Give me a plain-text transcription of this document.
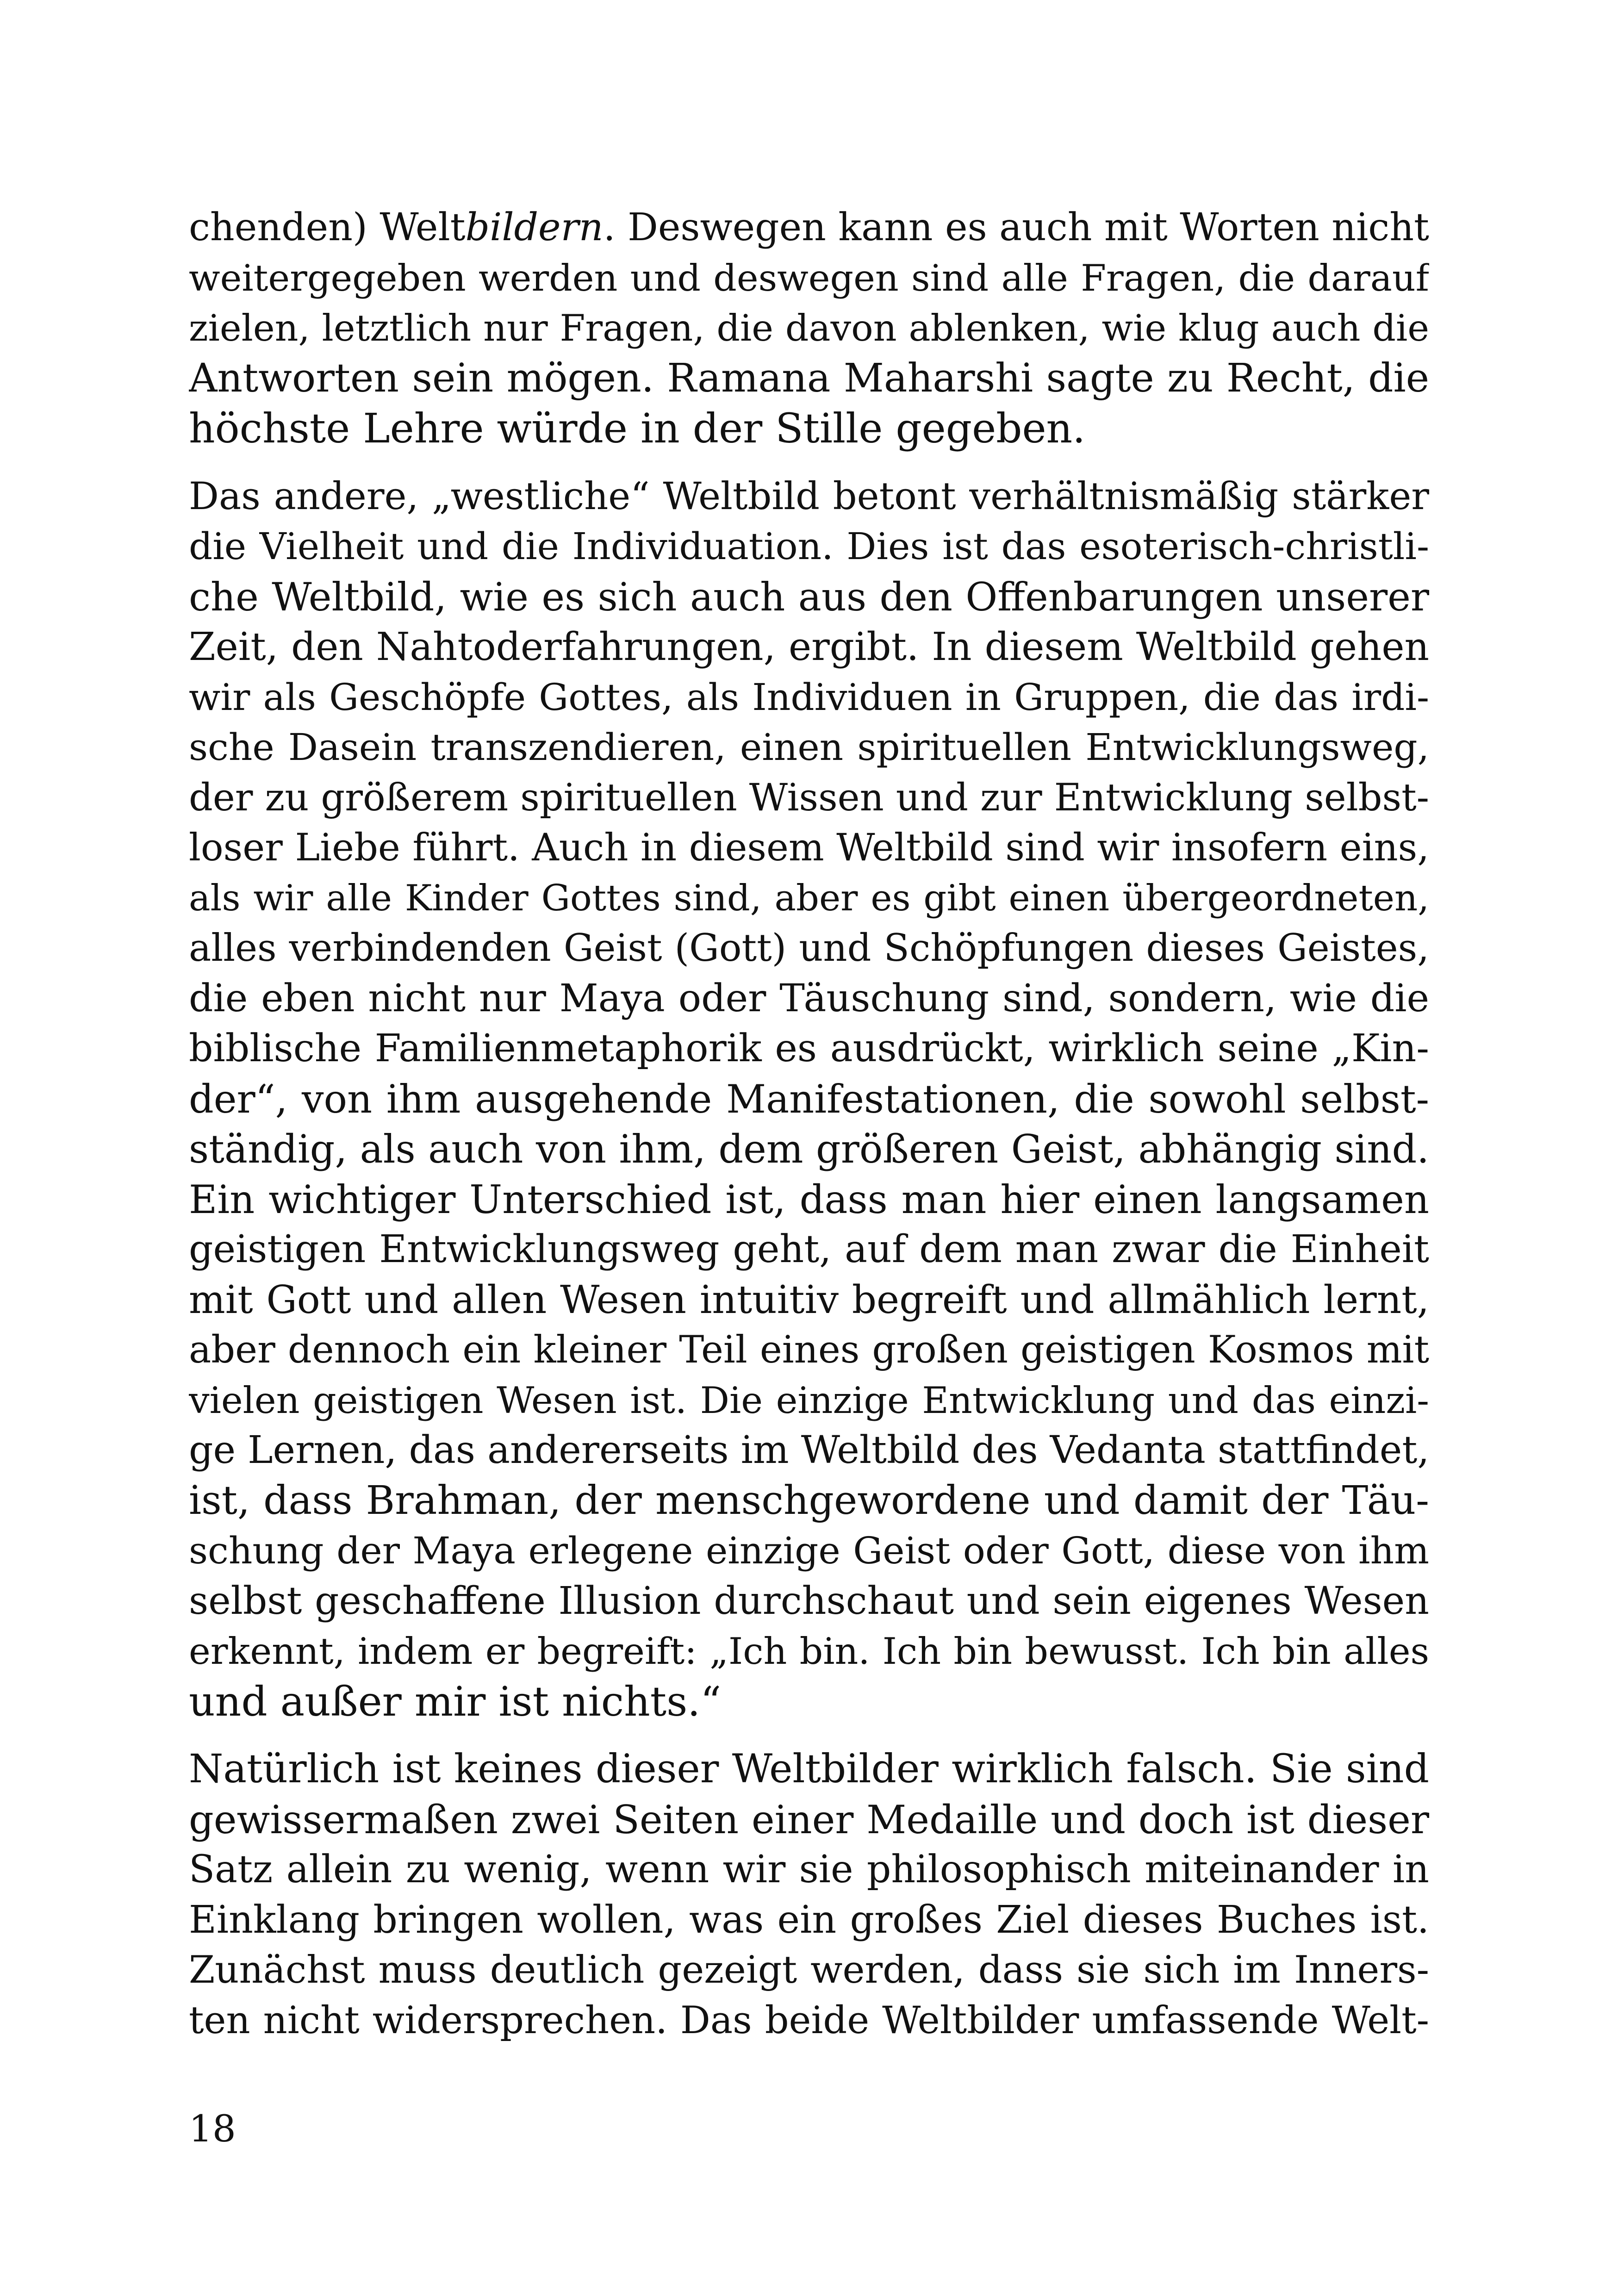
chenden) Weltbildern. Deswegen kann es auch mit Worten nicht
weitergegeben werden und deswegen sind alle Fragen, die darauf
zielen, letztlich nur Fragen, die davon ablenken, wie klug auch die
Antworten sein mögen. Ramana Maharshi sagte zu Recht, die
höchste Lehre würde in der Stille gegeben.
Das andere, „westliche“ Weltbild betont verhältnismäßig stärker
die Vielheit und die Individuation. Dies ist das esoterisch-christli-
che Weltbild, wie es sich auch aus den Offenbarungen unserer
Zeit, den Nahtoderfahrungen, ergibt. In diesem Weltbild gehen
wir als Geschöpfe Gottes, als Individuen in Gruppen, die das irdi-
sche Dasein transzendieren, einen spirituellen Entwicklungsweg,
der zu größerem spirituellen Wissen und zur Entwicklung selbst-
loser Liebe führt. Auch in diesem Weltbild sind wir insofern eins,
als wir alle Kinder Gottes sind, aber es gibt einen übergeordneten,
alles verbindenden Geist (Gott) und Schöpfungen dieses Geistes,
die eben nicht nur Maya oder Täuschung sind, sondern, wie die
biblische Familienmetaphorik es ausdrückt, wirklich seine „Kin-
der“, von ihm ausgehende Manifestationen, die sowohl selbst-
ständig, als auch von ihm, dem größeren Geist, abhängig sind.
Ein wichtiger Unterschied ist, dass man hier einen langsamen
geistigen Entwicklungsweg geht, auf dem man zwar die Einheit
mit Gott und allen Wesen intuitiv begreift und allmählich lernt,
aber dennoch ein kleiner Teil eines großen geistigen Kosmos mit
vielen geistigen Wesen ist. Die einzige Entwicklung und das einzi-
ge Lernen, das andererseits im Weltbild des Vedanta stattfindet,
ist, dass Brahman, der menschgewordene und damit der Täu-
schung der Maya erlegene einzige Geist oder Gott, diese von ihm
selbst geschaffene Illusion durchschaut und sein eigenes Wesen
erkennt, indem er begreift: „Ich bin. Ich bin bewusst. Ich bin alles
und außer mir ist nichts.“
Natürlich ist keines dieser Weltbilder wirklich falsch. Sie sind
gewissermaßen zwei Seiten einer Medaille und doch ist dieser
Satz allein zu wenig, wenn wir sie philosophisch miteinander in
Einklang bringen wollen, was ein großes Ziel dieses Buches ist.
Zunächst muss deutlich gezeigt werden, dass sie sich im Inners-
ten nicht widersprechen. Das beide Weltbilder umfassende Welt-
18
